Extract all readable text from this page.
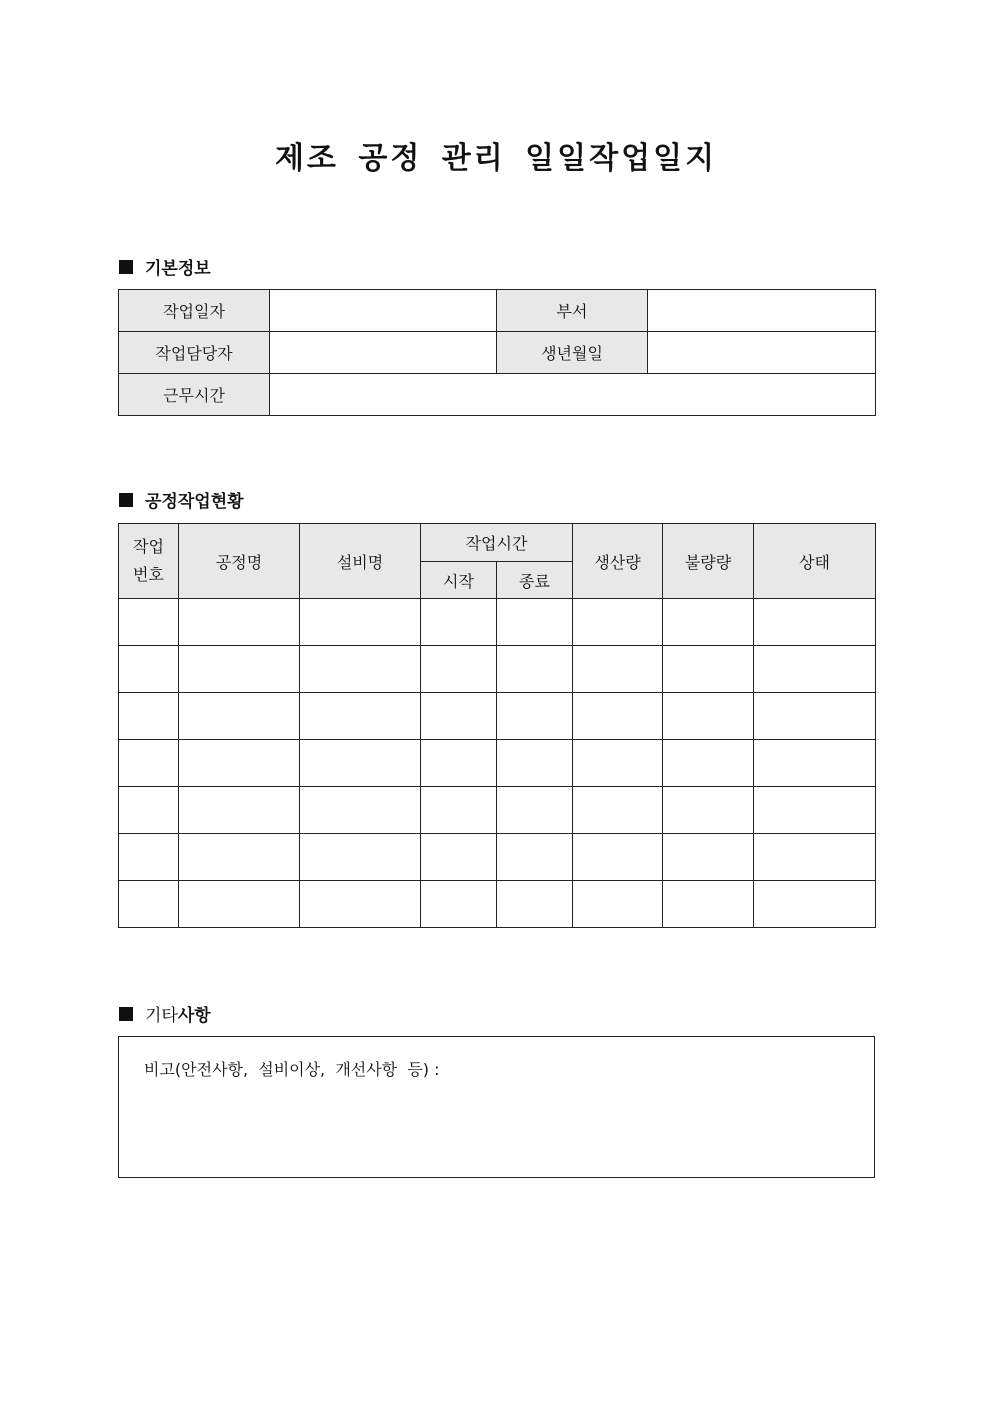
제조 공정 관리 일일작업일지
기본정보
작업일자		부서	
작업담당자		생년월일	
근무시간			
공정작업현황
작업
번호	공정명	설비명	작업시간		생산량	불량량	상태
			시작	종료			

기타 사항
비고(안전사항,  설비이상,  개선사항  등) :
